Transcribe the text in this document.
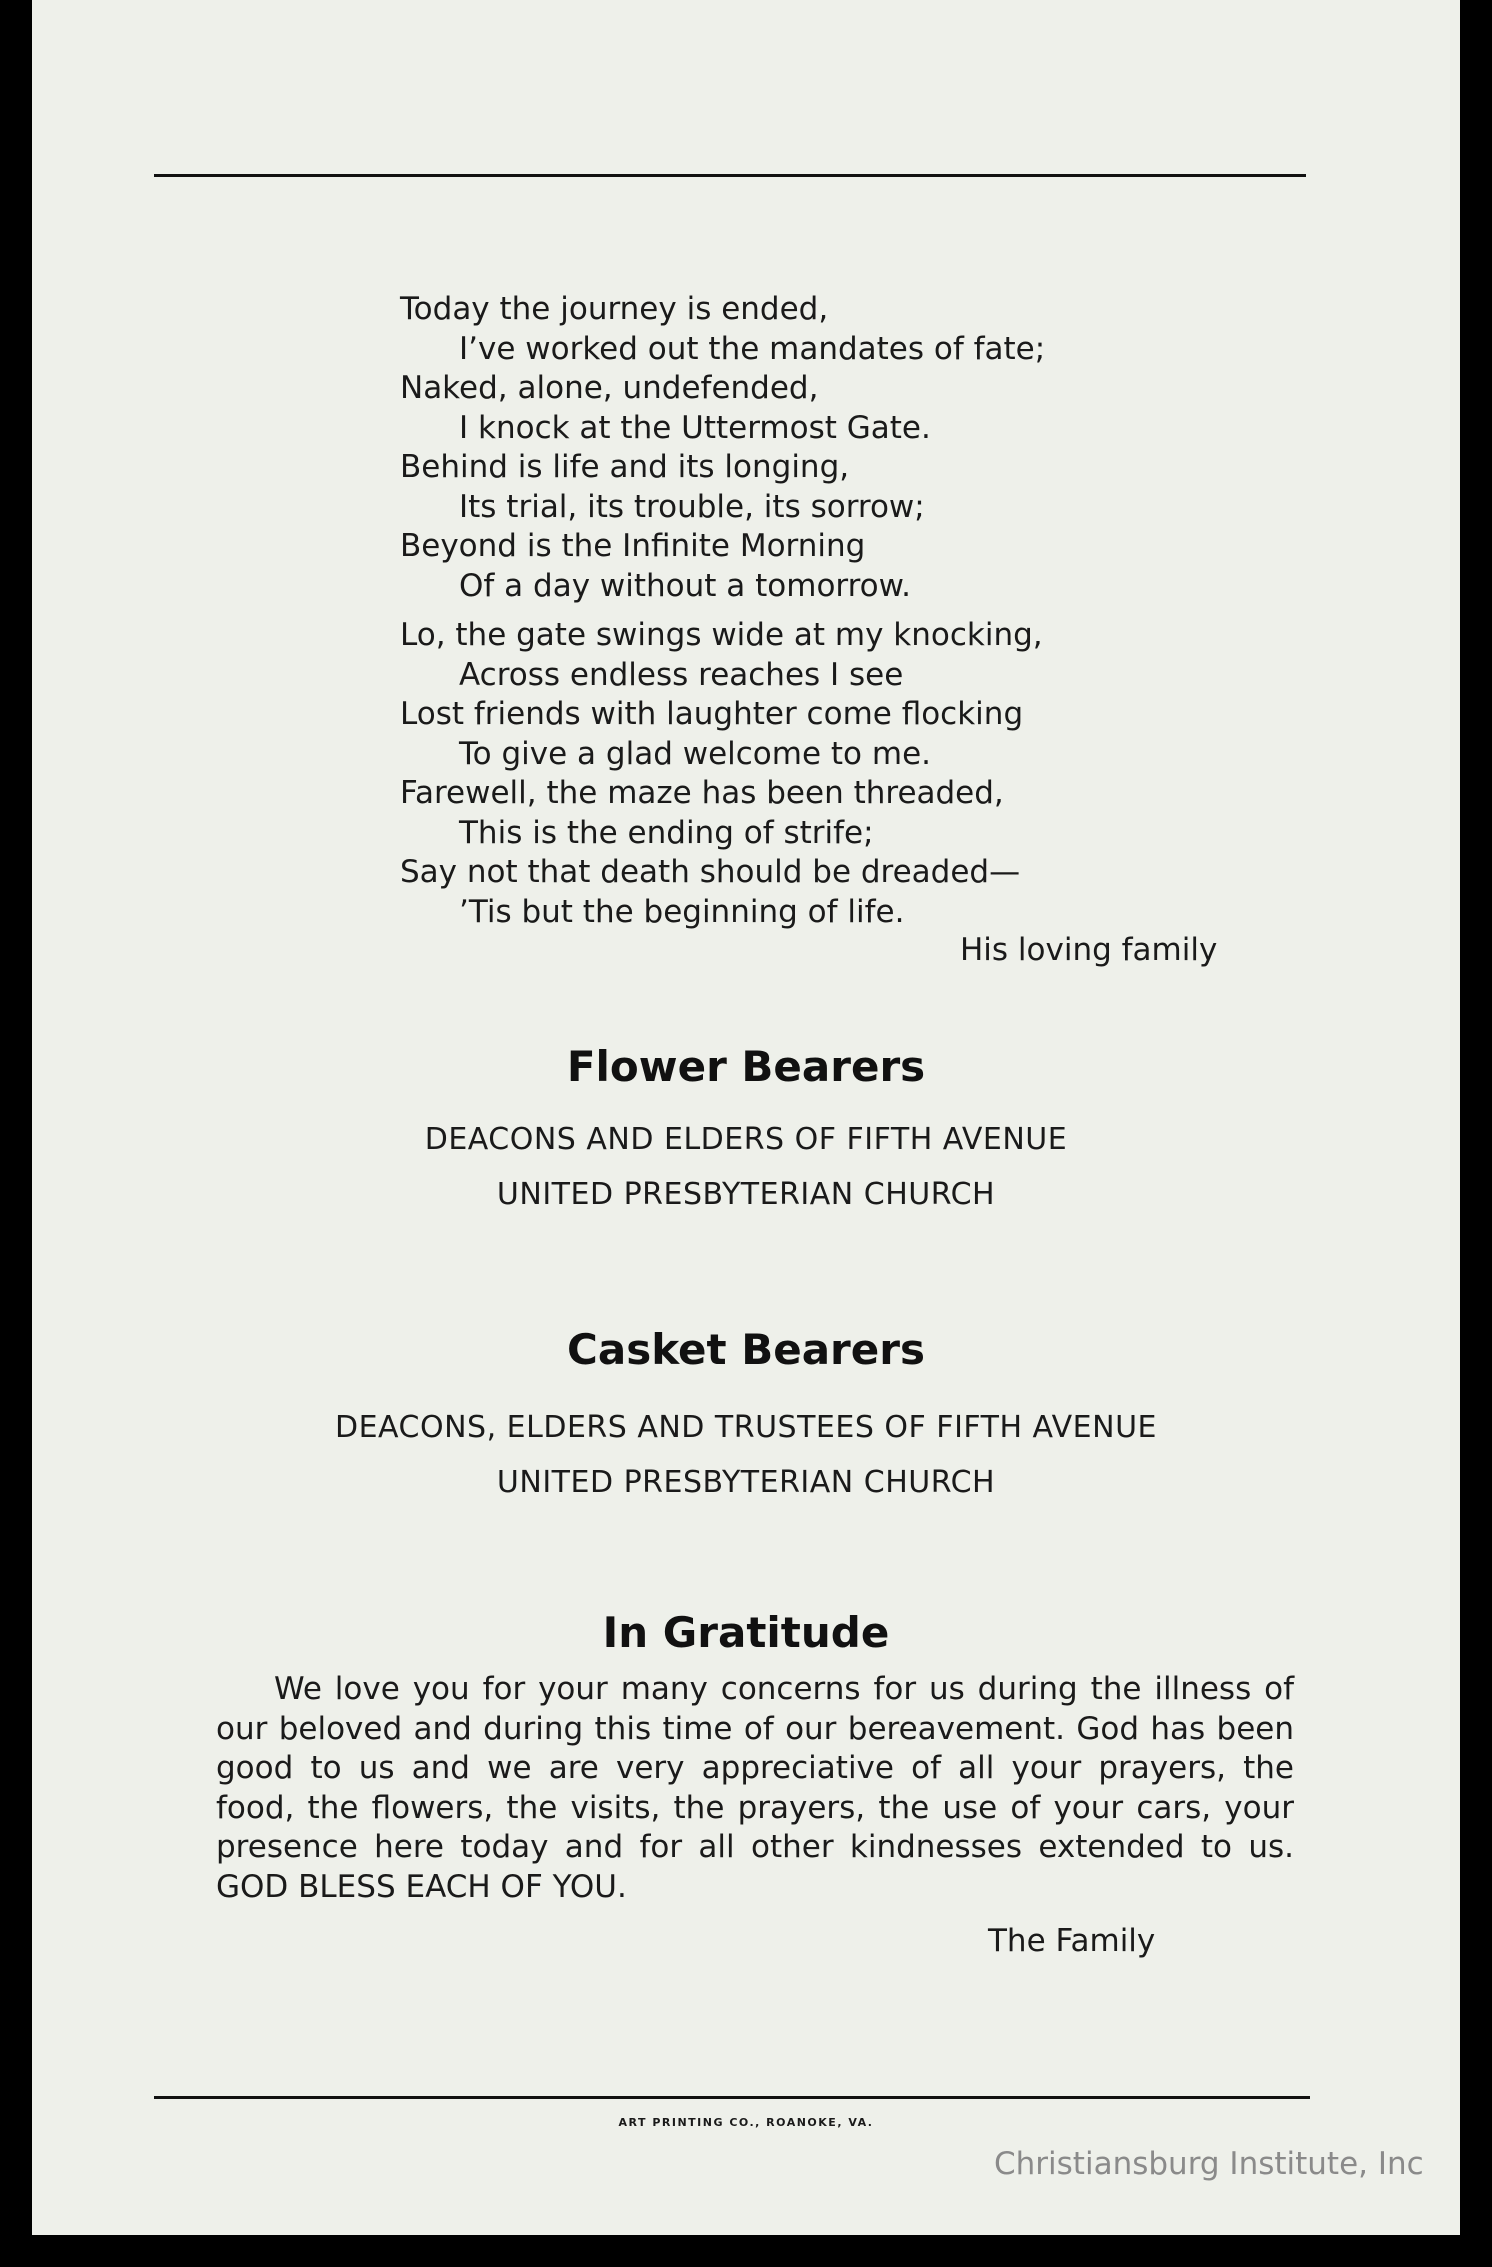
Today the journey is ended,
I’ve worked out the mandates of fate;
Naked, alone, undefended,
I knock at the Uttermost Gate.
Behind is life and its longing,
Its trial, its trouble, its sorrow;
Beyond is the Infinite Morning
Of a day without a tomorrow.
Lo, the gate swings wide at my knocking,
Across endless reaches I see
Lost friends with laughter come flocking
To give a glad welcome to me.
Farewell, the maze has been threaded,
This is the ending of strife;
Say not that death should be dreaded—
’Tis but the beginning of life.
His loving family
Flower Bearers
DEACONS AND ELDERS OF FIFTH AVENUE
UNITED PRESBYTERIAN CHURCH
Casket Bearers
DEACONS, ELDERS AND TRUSTEES OF FIFTH AVENUE
UNITED PRESBYTERIAN CHURCH
In Gratitude
We love you for your many concerns for us during the illness of our beloved and during this time of our bereavement. God has been good to us and we are very appreciative of all your prayers, the food, the flowers, the visits, the prayers, the use of your cars, your presence here today and for all other kindnesses extended to us. GOD BLESS EACH OF YOU.
The Family
ART PRINTING CO., ROANOKE, VA.
Christiansburg Institute, Inc
